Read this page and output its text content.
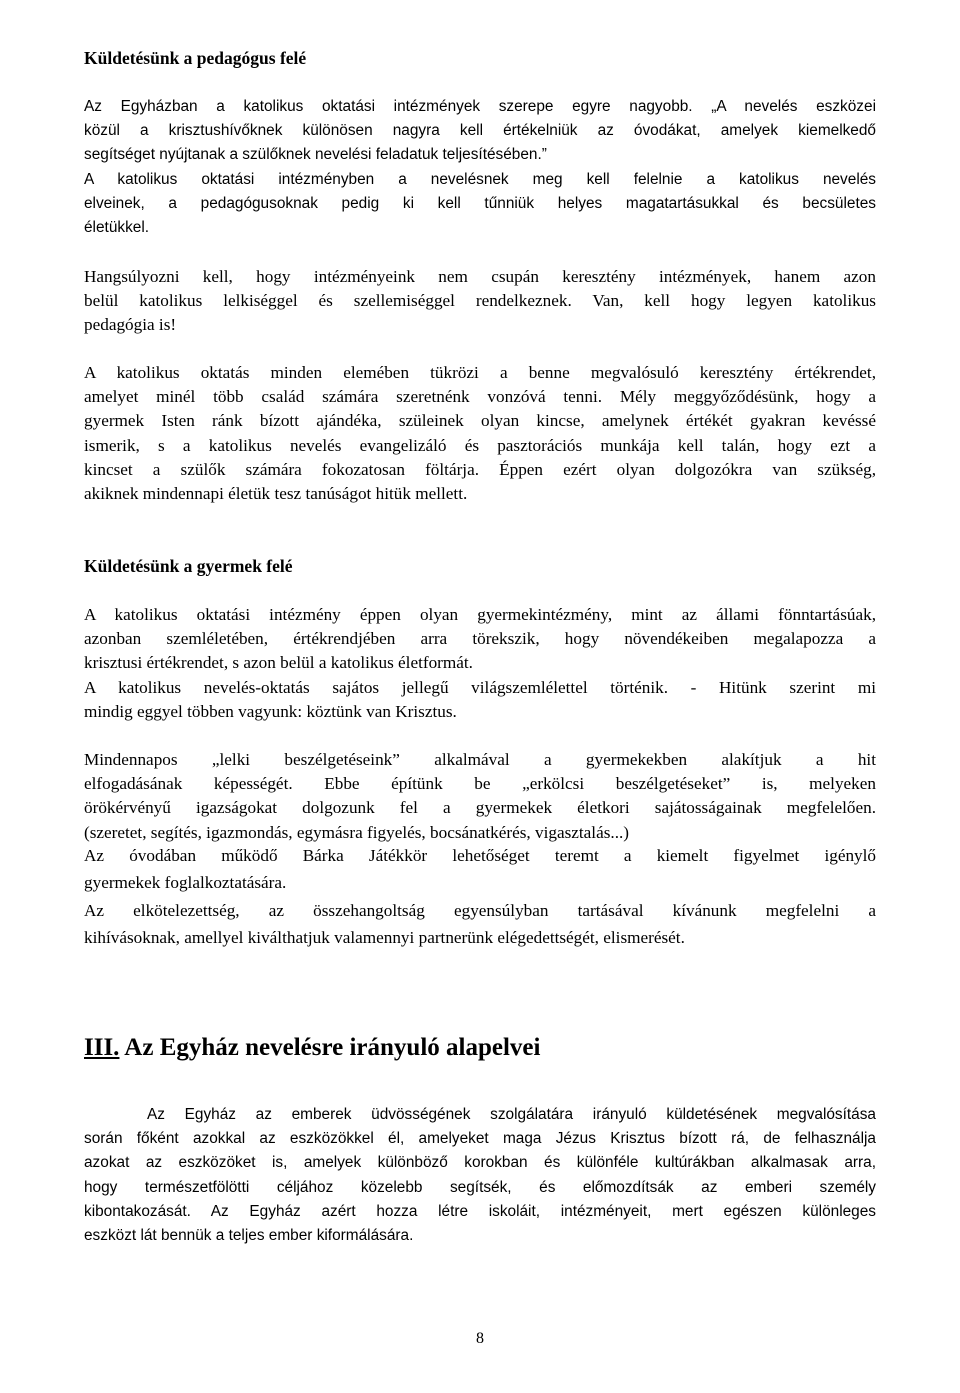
Küldetésünk a pedagógus felé
Az Egyházban a katolikus oktatási intézmények szerepe egyre nagyobb. „A nevelés eszközei
közül a krisztushívőknek különösen nagyra kell értékelniük az óvodákat, amelyek kiemelkedő
segítséget nyújtanak a szülőknek nevelési feladatuk teljesítésében.”
A katolikus oktatási intézményben a nevelésnek meg kell felelnie a katolikus nevelés
elveinek, a pedagógusoknak pedig ki kell tűnniük helyes magatartásukkal és becsületes
életükkel.
Hangsúlyozni kell, hogy intézményeink nem csupán keresztény intézmények, hanem azon
belül katolikus lelkiséggel és szellemiséggel rendelkeznek. Van, kell hogy legyen katolikus
pedagógia is!
A katolikus oktatás minden elemében tükrözi a benne megvalósuló keresztény értékrendet,
amelyet minél több család számára szeretnénk vonzóvá tenni. Mély meggyőződésünk, hogy a
gyermek Isten ránk bízott ajándéka, szüleinek olyan kincse, amelynek értékét gyakran kevéssé
ismerik, s a katolikus nevelés evangelizáló és pasztorációs munkája kell talán, hogy ezt a
kincset a szülők számára fokozatosan föltárja. Éppen ezért olyan dolgozókra van szükség,
akiknek mindennapi életük tesz tanúságot hitük mellett.
Küldetésünk a gyermek felé
A katolikus oktatási intézmény éppen olyan gyermekintézmény, mint az állami fönntartásúak,
azonban szemléletében, értékrendjében arra törekszik, hogy növendékeiben megalapozza a
krisztusi értékrendet, s azon belül a katolikus életformát.
A katolikus nevelés-oktatás sajátos jellegű világszemlélettel történik. - Hitünk szerint mi
mindig eggyel többen vagyunk: köztünk van Krisztus.
Mindennapos „lelki beszélgetéseink” alkalmával a gyermekekben alakítjuk a hit
elfogadásának képességét. Ebbe építünk be „erkölcsi beszélgetéseket” is, melyeken
örökérvényű igazságokat dolgozunk fel a gyermekek életkori sajátosságainak megfelelően.
(szeretet, segítés, igazmondás, egymásra figyelés, bocsánatkérés, vigasztalás...)
Az óvodában működő Bárka Játékkör lehetőséget teremt a kiemelt figyelmet igénylő
gyermekek foglalkoztatására.
Az elkötelezettség, az összehangoltság egyensúlyban tartásával kívánunk megfelelni a
kihívásoknak, amellyel kiválthatjuk valamennyi partnerünk elégedettségét, elismerését.
III. Az Egyház nevelésre irányuló alapelvei
Az Egyház az emberek üdvösségének szolgálatára irányuló küldetésének megvalósítása
során főként azokkal az eszközökkel él, amelyeket maga Jézus Krisztus bízott rá, de felhasználja
azokat az eszközöket is, amelyek különböző korokban és különféle kultúrákban alkalmasak arra,
hogy természetfölötti céljához közelebb segítsék, és előmozdítsák az emberi személy
kibontakozását. Az Egyház azért hozza létre iskoláit, intézményeit, mert egészen különleges
eszközt lát bennük a teljes ember kiformálására.
8
